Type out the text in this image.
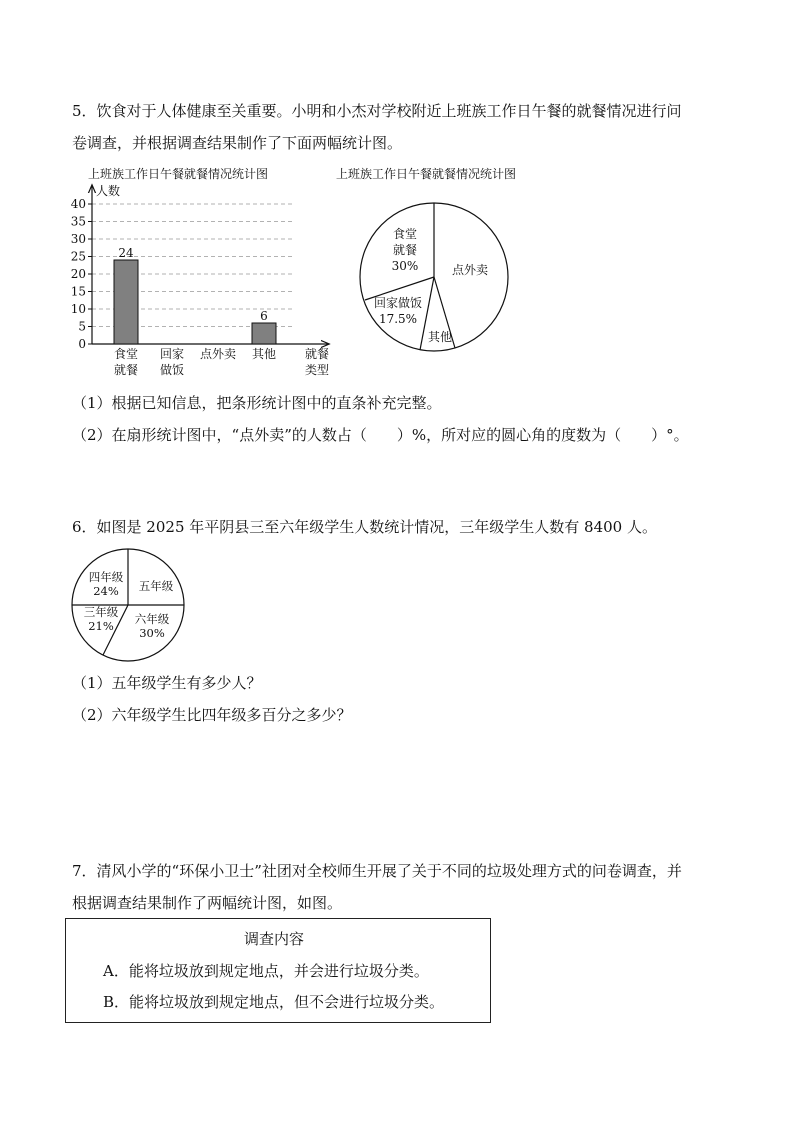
5．饮食对于人体健康至关重要。小明和小杰对学校附近上班族工作日午餐的就餐情况进行问
卷调查，并根据调查结果制作了下面两幅统计图。
上班族工作日午餐就餐情况统计图	上班族工作日午餐就餐情况统计图
0
5
10
15
20
25
30
35
40
人数
24
食堂
就餐
回家
做饭
点外卖
6
其他 就餐
类型
点外卖
其他
回家做饭
17.5%
食堂
就餐
30%
（1）根据已知信息，把条形统计图中的直条补充完整。
（2）在扇形统计图中，“点外卖”的人数占（　　）%，所对应的圆心角的度数为（　　）°。
6．如图是 2025 年平阴县三至六年级学生人数统计情况，三年级学生人数有 8400 人。
五年级
六年级
30%
三年级
21%
四年级
24%
（1）五年级学生有多少人？
（2）六年级学生比四年级多百分之多少？
7．清风小学的“环保小卫士”社团对全校师生开展了关于不同的垃圾处理方式的问卷调查，并
根据调查结果制作了两幅统计图，如图。
调查内容
A．能将垃圾放到规定地点，并会进行垃圾分类。
B．能将垃圾放到规定地点，但不会进行垃圾分类。
